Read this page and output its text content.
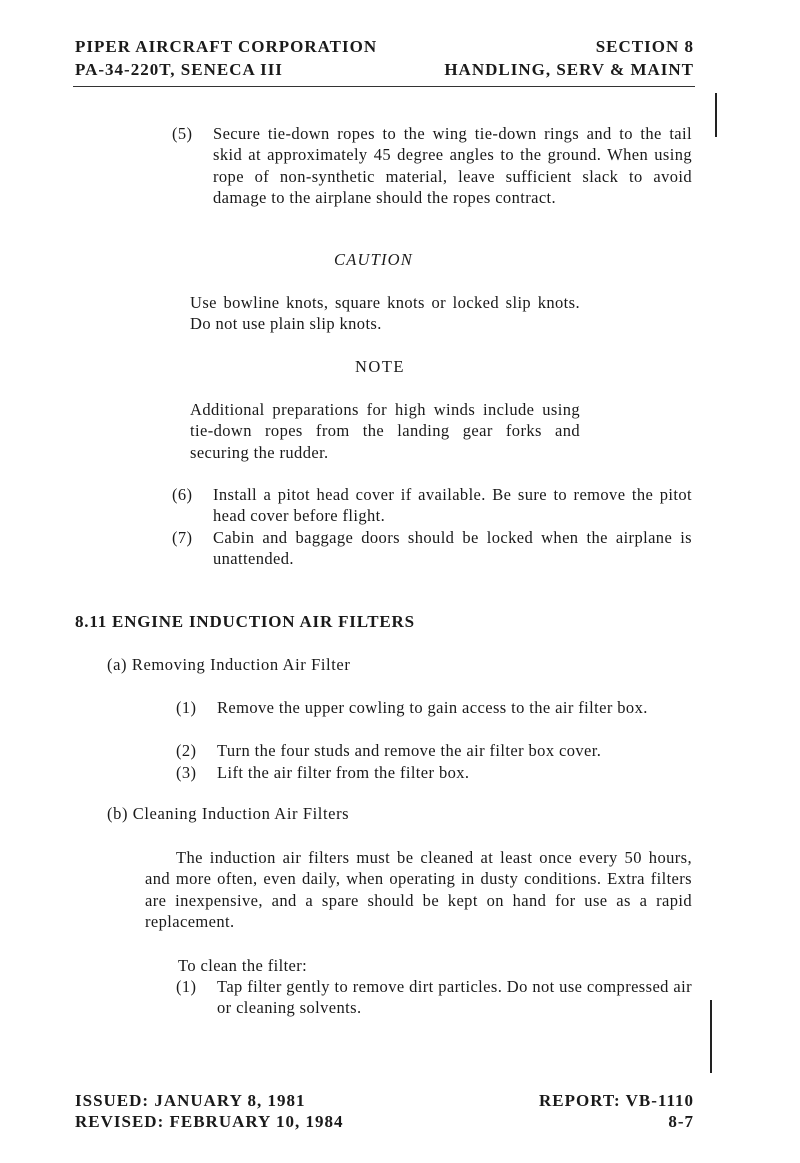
PIPER AIRCRAFT CORPORATION
PA-34-220T, SENECA III
SECTION 8
HANDLING, SERV & MAINT
(5)	Secure tie-down ropes to the wing tie-down rings and to the tail skid at approximately 45 degree angles to the ground. When using rope of non-synthetic material, leave sufficient slack to avoid damage to the airplane should the ropes contract.
CAUTION
Use bowline knots, square knots or locked slip knots. Do not use plain slip knots.
NOTE
Additional preparations for high winds include using tie-down ropes from the landing gear forks and securing the rudder.
(6)	Install a pitot head cover if available. Be sure to remove the pitot head cover before flight.
(7)	Cabin and baggage doors should be locked when the airplane is unattended.
8.11 ENGINE INDUCTION AIR FILTERS
(a) Removing Induction Air Filter
(1)	Remove the upper cowling to gain access to the air filter box.
(2)	Turn the four studs and remove the air filter box cover.
(3)	Lift the air filter from the filter box.
(b) Cleaning Induction Air Filters
The induction air filters must be cleaned at least once every 50 hours, and more often, even daily, when operating in dusty conditions. Extra filters are inexpensive, and a spare should be kept on hand for use as a rapid replacement.
To clean the filter:
(1)	Tap filter gently to remove dirt particles. Do not use compressed air or cleaning solvents.
ISSUED: JANUARY 8, 1981
REVISED: FEBRUARY 10, 1984
REPORT: VB-1110
8-7
